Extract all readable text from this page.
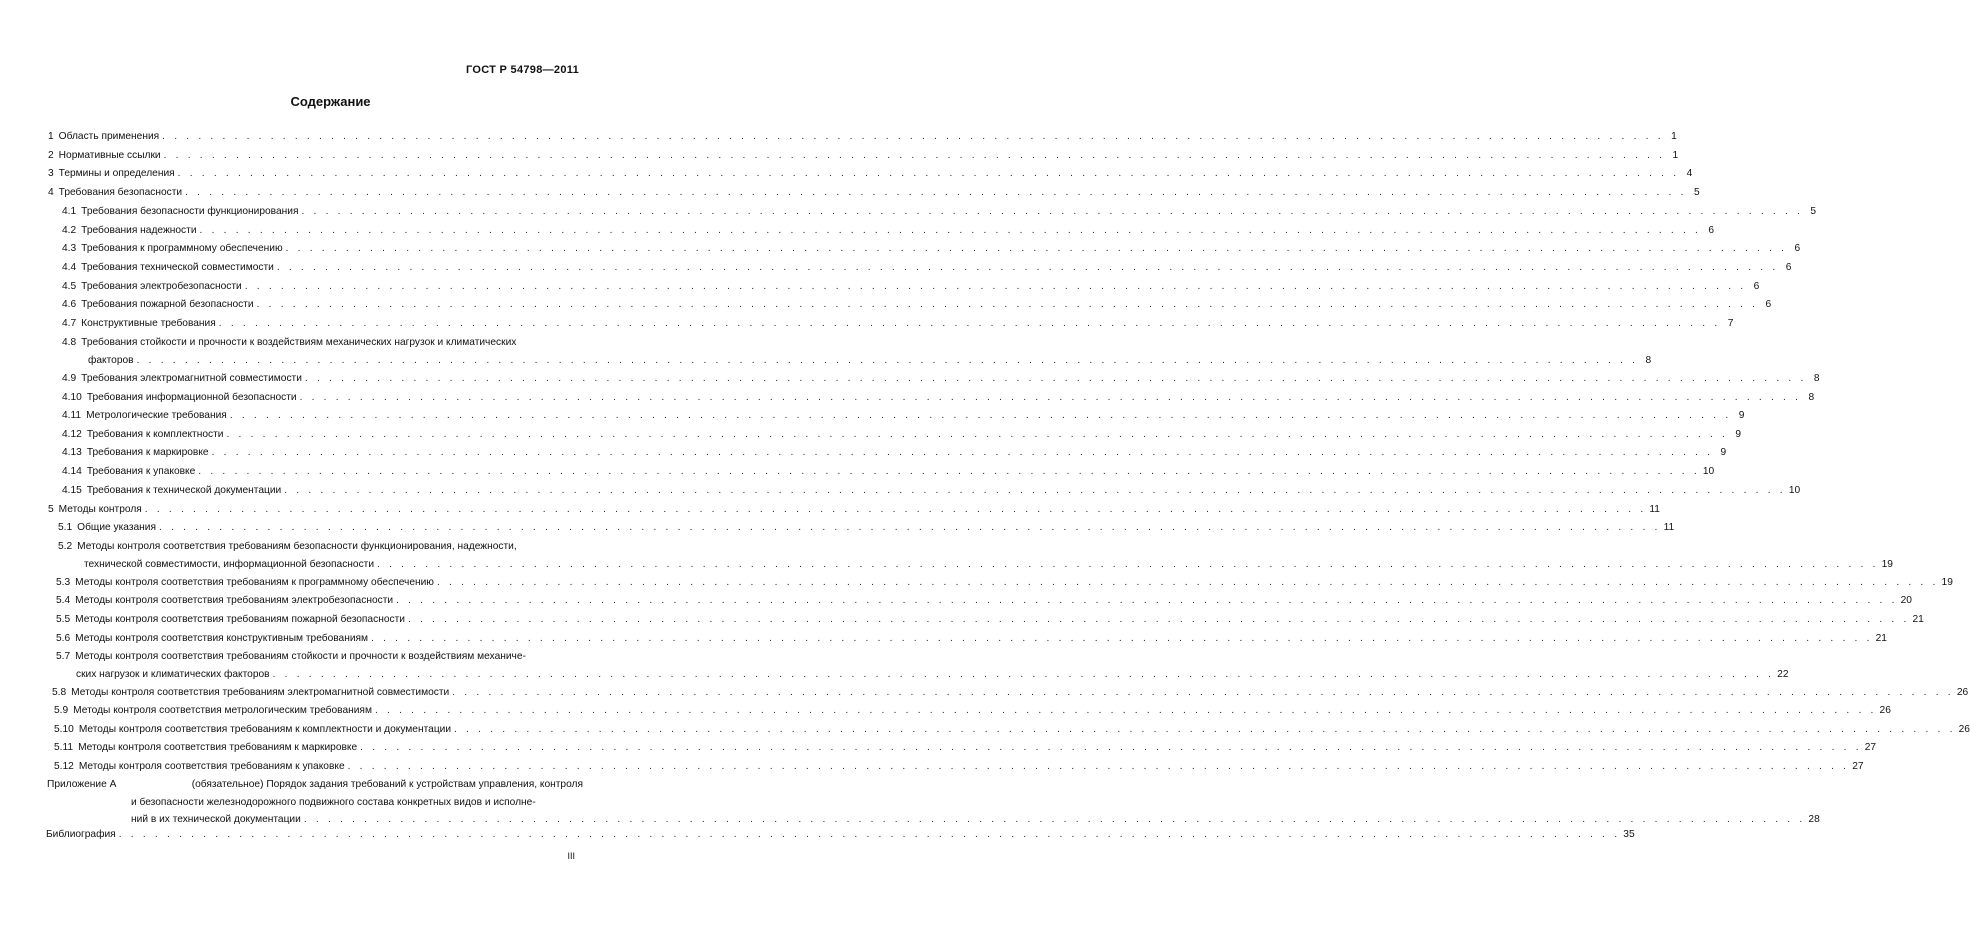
ГОСТ Р 54798—2011
Содержание
1 Область применения . . .	1
2 Нормативные ссылки . . .	1
3 Термины и определения . . .	4
4 Требования безопасности . . .	5
4.1 Требования безопасности функционирования . . .	5
4.2 Требования надежности . . .	6
4.3 Требования к программному обеспечению . . .	6
4.4 Требования технической совместимости . . .	6
4.5 Требования электробезопасности . . .	6
4.6 Требования пожарной безопасности . . .	6
4.7 Конструктивные требования . . .	7
4.8 Требования стойкости и прочности к воздействиям механических нагрузок и климатических
факторов . . .	8
4.9 Требования электромагнитной совместимости . . .	8
4.10 Требования информационной безопасности . . .	8
4.11 Метрологические требования . . .	9
4.12 Требования к комплектности . . .	9
4.13 Требования к маркировке . . .	9
4.14 Требования к упаковке . . .	10
4.15 Требования к технической документации . . .	10
5 Методы контроля . . .	11
5.1 Общие указания . . .	11
5.2 Методы контроля соответствия требованиям безопасности функционирования, надежности,
технической совместимости, информационной безопасности . . .	19
5.3 Методы контроля соответствия требованиям к программному обеспечению . . .	19
5.4 Методы контроля соответствия требованиям электробезопасности . . .	20
5.5 Методы контроля соответствия требованиям пожарной безопасности . . .	21
5.6 Методы контроля соответствия конструктивным требованиям . . .	21
5.7 Методы контроля соответствия требованиям стойкости и прочности к воздействиям механиче-
ских нагрузок и климатических факторов . . .	22
5.8 Методы контроля соответствия требованиям электромагнитной совместимости . . .	26
5.9 Методы контроля соответствия метрологическим требованиям . . .	26
5.10 Методы контроля соответствия требованиям к комплектности и документации . . .	26
5.11 Методы контроля соответствия требованиям к маркировке . . .	27
5.12 Методы контроля соответствия требованиям к упаковке . . .	27
Приложение А	(обязательное) Порядок задания требований к устройствам управления, контроля
и безопасности железнодорожного подвижного состава конкретных видов и исполне-
ний в их технической документации . . .	28
Библиография . . .	35
III
